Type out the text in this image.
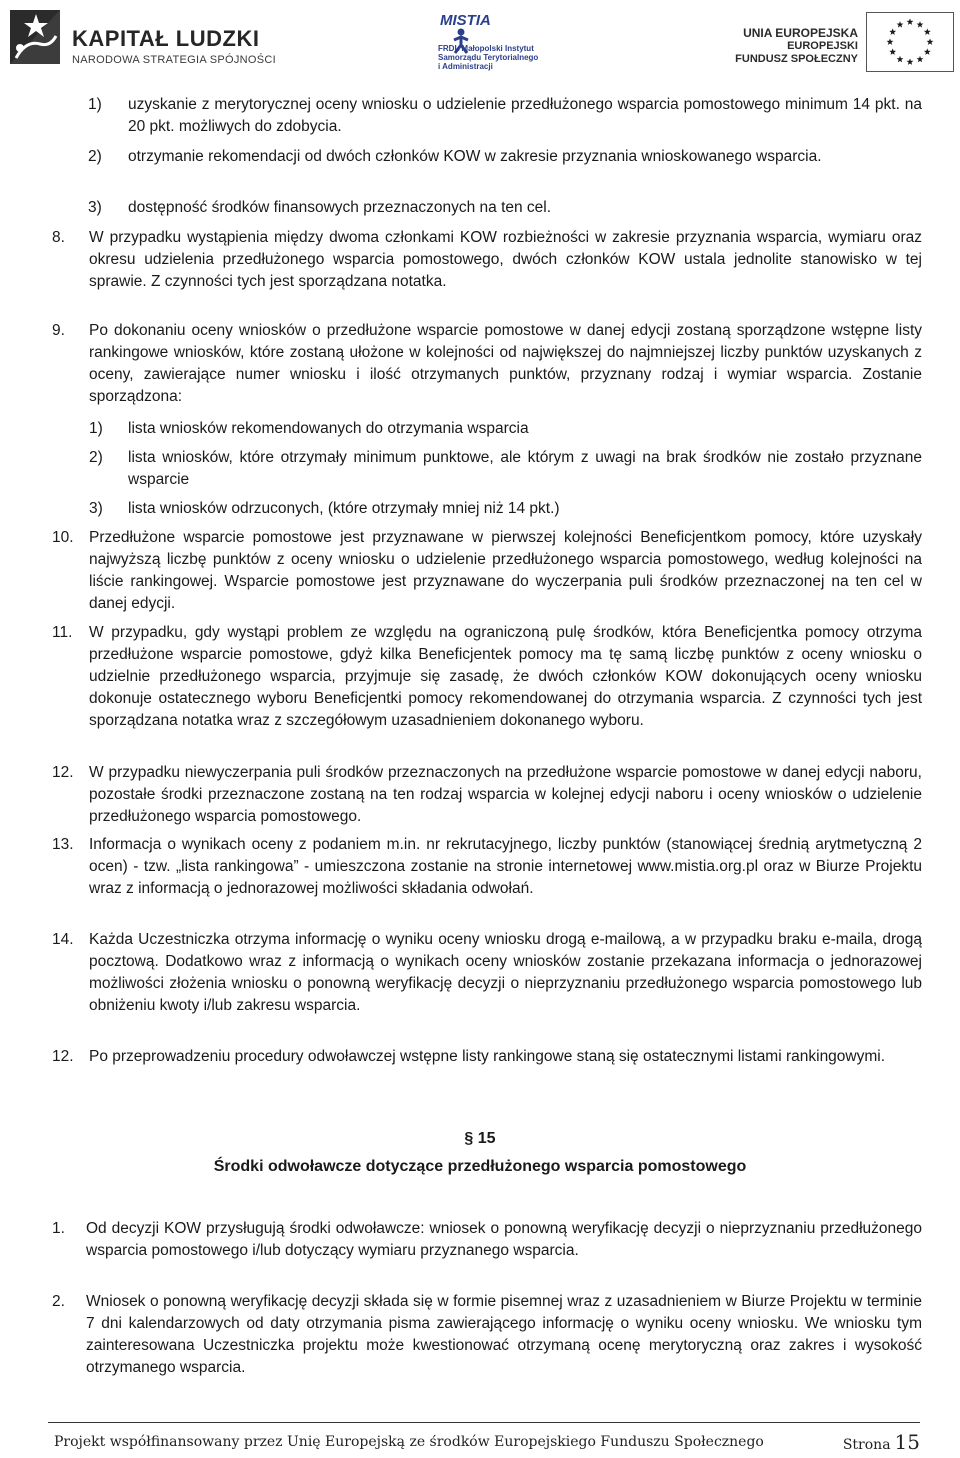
KAPITAŁ LUDZKI
NARODOWA STRATEGIA SPÓJNOŚCI
MISTIA
FRDL Małopolski Instytut
Samorządu Terytorialnego
i Administracji
UNIA EUROPEJSKA
EUROPEJSKI
FUNDUSZ SPOŁECZNY
1) uzyskanie z merytorycznej oceny wniosku o udzielenie przedłużonego wsparcia pomostowego minimum 14 pkt. na 20 pkt. możliwych do zdobycia.
2) otrzymanie rekomendacji od dwóch członków KOW w zakresie przyznania wnioskowanego wsparcia.
3) dostępność środków finansowych przeznaczonych na ten cel.
8. W przypadku wystąpienia między dwoma członkami KOW rozbieżności w zakresie przyznania wsparcia, wymiaru oraz okresu udzielenia przedłużonego wsparcia pomostowego, dwóch członków KOW ustala jednolite stanowisko w tej sprawie. Z czynności tych jest sporządzana notatka.
9. Po dokonaniu oceny wniosków o przedłużone wsparcie pomostowe w danej edycji zostaną sporządzone wstępne listy rankingowe wniosków, które zostaną ułożone w kolejności od największej do najmniejszej liczby punktów uzyskanych z oceny, zawierające numer wniosku i ilość otrzymanych punktów, przyznany rodzaj i wymiar wsparcia. Zostanie sporządzona:
1) lista wniosków rekomendowanych do otrzymania wsparcia
2) lista wniosków, które otrzymały minimum punktowe, ale którym z uwagi na brak środków nie zostało przyznane wsparcie
3) lista wniosków odrzuconych, (które otrzymały mniej niż 14 pkt.)
10. Przedłużone wsparcie pomostowe jest przyznawane w pierwszej kolejności Beneficjentkom pomocy, które uzyskały najwyższą liczbę punktów z oceny wniosku o udzielenie przedłużonego wsparcia pomostowego, według kolejności na liście rankingowej. Wsparcie pomostowe jest przyznawane do wyczerpania puli środków przeznaczonej na ten cel w danej edycji.
11. W przypadku, gdy wystąpi problem ze względu na ograniczoną pulę środków, która Beneficjentka pomocy otrzyma przedłużone wsparcie pomostowe, gdyż kilka Beneficjentek pomocy ma tę samą liczbę punktów z oceny wniosku o udzielnie przedłużonego wsparcia, przyjmuje się zasadę, że dwóch członków KOW dokonujących oceny wniosku dokonuje ostatecznego wyboru Beneficjentki pomocy rekomendowanej do otrzymania wsparcia. Z czynności tych jest sporządzana notatka wraz z szczegółowym uzasadnieniem dokonanego wyboru.
12. W przypadku niewyczerpania puli środków przeznaczonych na przedłużone wsparcie pomostowe w danej edycji naboru, pozostałe środki przeznaczone zostaną na ten rodzaj wsparcia w kolejnej edycji naboru i oceny wniosków o udzielenie przedłużonego wsparcia pomostowego.
13. Informacja o wynikach oceny z podaniem m.in. nr rekrutacyjnego, liczby punktów (stanowiącej średnią arytmetyczną 2 ocen) - tzw. „lista rankingowa” - umieszczona zostanie na stronie internetowej www.mistia.org.pl oraz w Biurze Projektu wraz z informacją o jednorazowej możliwości składania odwołań.
14. Każda Uczestniczka otrzyma informację o wyniku oceny wniosku drogą e-mailową, a w przypadku braku e-maila, drogą pocztową. Dodatkowo wraz z informacją o wynikach oceny wniosków zostanie przekazana informacja o jednorazowej możliwości złożenia wniosku o ponowną weryfikację decyzji o nieprzyznaniu przedłużonego wsparcia pomostowego lub obniżeniu kwoty i/lub zakresu wsparcia.
12. Po przeprowadzeniu procedury odwoławczej wstępne listy rankingowe staną się ostatecznymi listami rankingowymi.
§ 15
Środki odwoławcze dotyczące przedłużonego wsparcia pomostowego
1. Od decyzji KOW przysługują środki odwoławcze: wniosek o ponowną weryfikację decyzji o nieprzyznaniu przedłużonego wsparcia pomostowego i/lub dotyczący wymiaru przyznanego wsparcia.
2. Wniosek o ponowną weryfikację decyzji składa się w formie pisemnej wraz z uzasadnieniem w Biurze Projektu w terminie 7 dni kalendarzowych od daty otrzymania pisma zawierającego informację o wyniku oceny wniosku. We wniosku tym zainteresowana Uczestniczka projektu może kwestionować otrzymaną ocenę merytoryczną oraz zakres i wysokość otrzymanego wsparcia.
Projekt współfinansowany przez Unię Europejską ze środków Europejskiego Funduszu Społecznego	Strona 15
